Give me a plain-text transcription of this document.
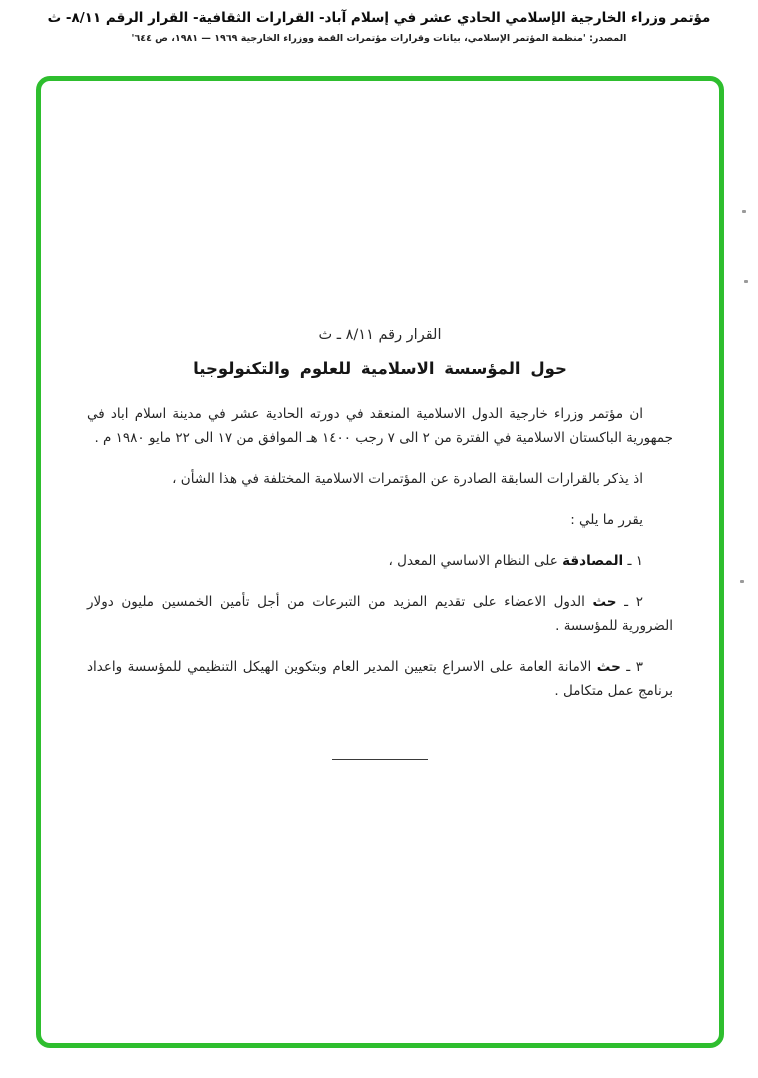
مؤتمر وزراء الخارجية الإسلامي الحادي عشر في إسلام آباد- القرارات الثقافية- القرار الرقم ٨/١١- ث
المصدر: 'منظمة المؤتمر الإسلامي، بيانات وقرارات مؤتمرات القمة ووزراء الخارجية ١٩٦٩ — ١٩٨١، ص ٦٤٤'
القرار رقم ٨/١١ ـ ث
حول المؤسسة الاسلامية للعلوم والتكنولوجيا

ان مؤتمر وزراء خارجية الدول الاسلامية المنعقد في دورته الحادية عشر في مدينة اسلام اباد في جمهورية الباكستان الاسلامية في الفترة من ٢ الى ٧ رجب ١٤٠٠ هـ الموافق من ١٧ الى ٢٢ مايو ١٩٨٠ م .

اذ يذكر بالقرارات السابقة الصادرة عن المؤتمرات الاسلامية المختلفة في هذا الشأن ،

يقرر ما يلي :

١ ـ المصادقة على النظام الاساسي المعدل ،

٢ ـ حث الدول الاعضاء على تقديم المزيد من التبرعات من أجل تأمين الخمسين مليون دولار الضرورية للمؤسسة .

٣ ـ حث الامانة العامة على الاسراع بتعيين المدير العام وبتكوين الهيكل التنظيمي للمؤسسة واعداد برنامج عمل متكامل .
